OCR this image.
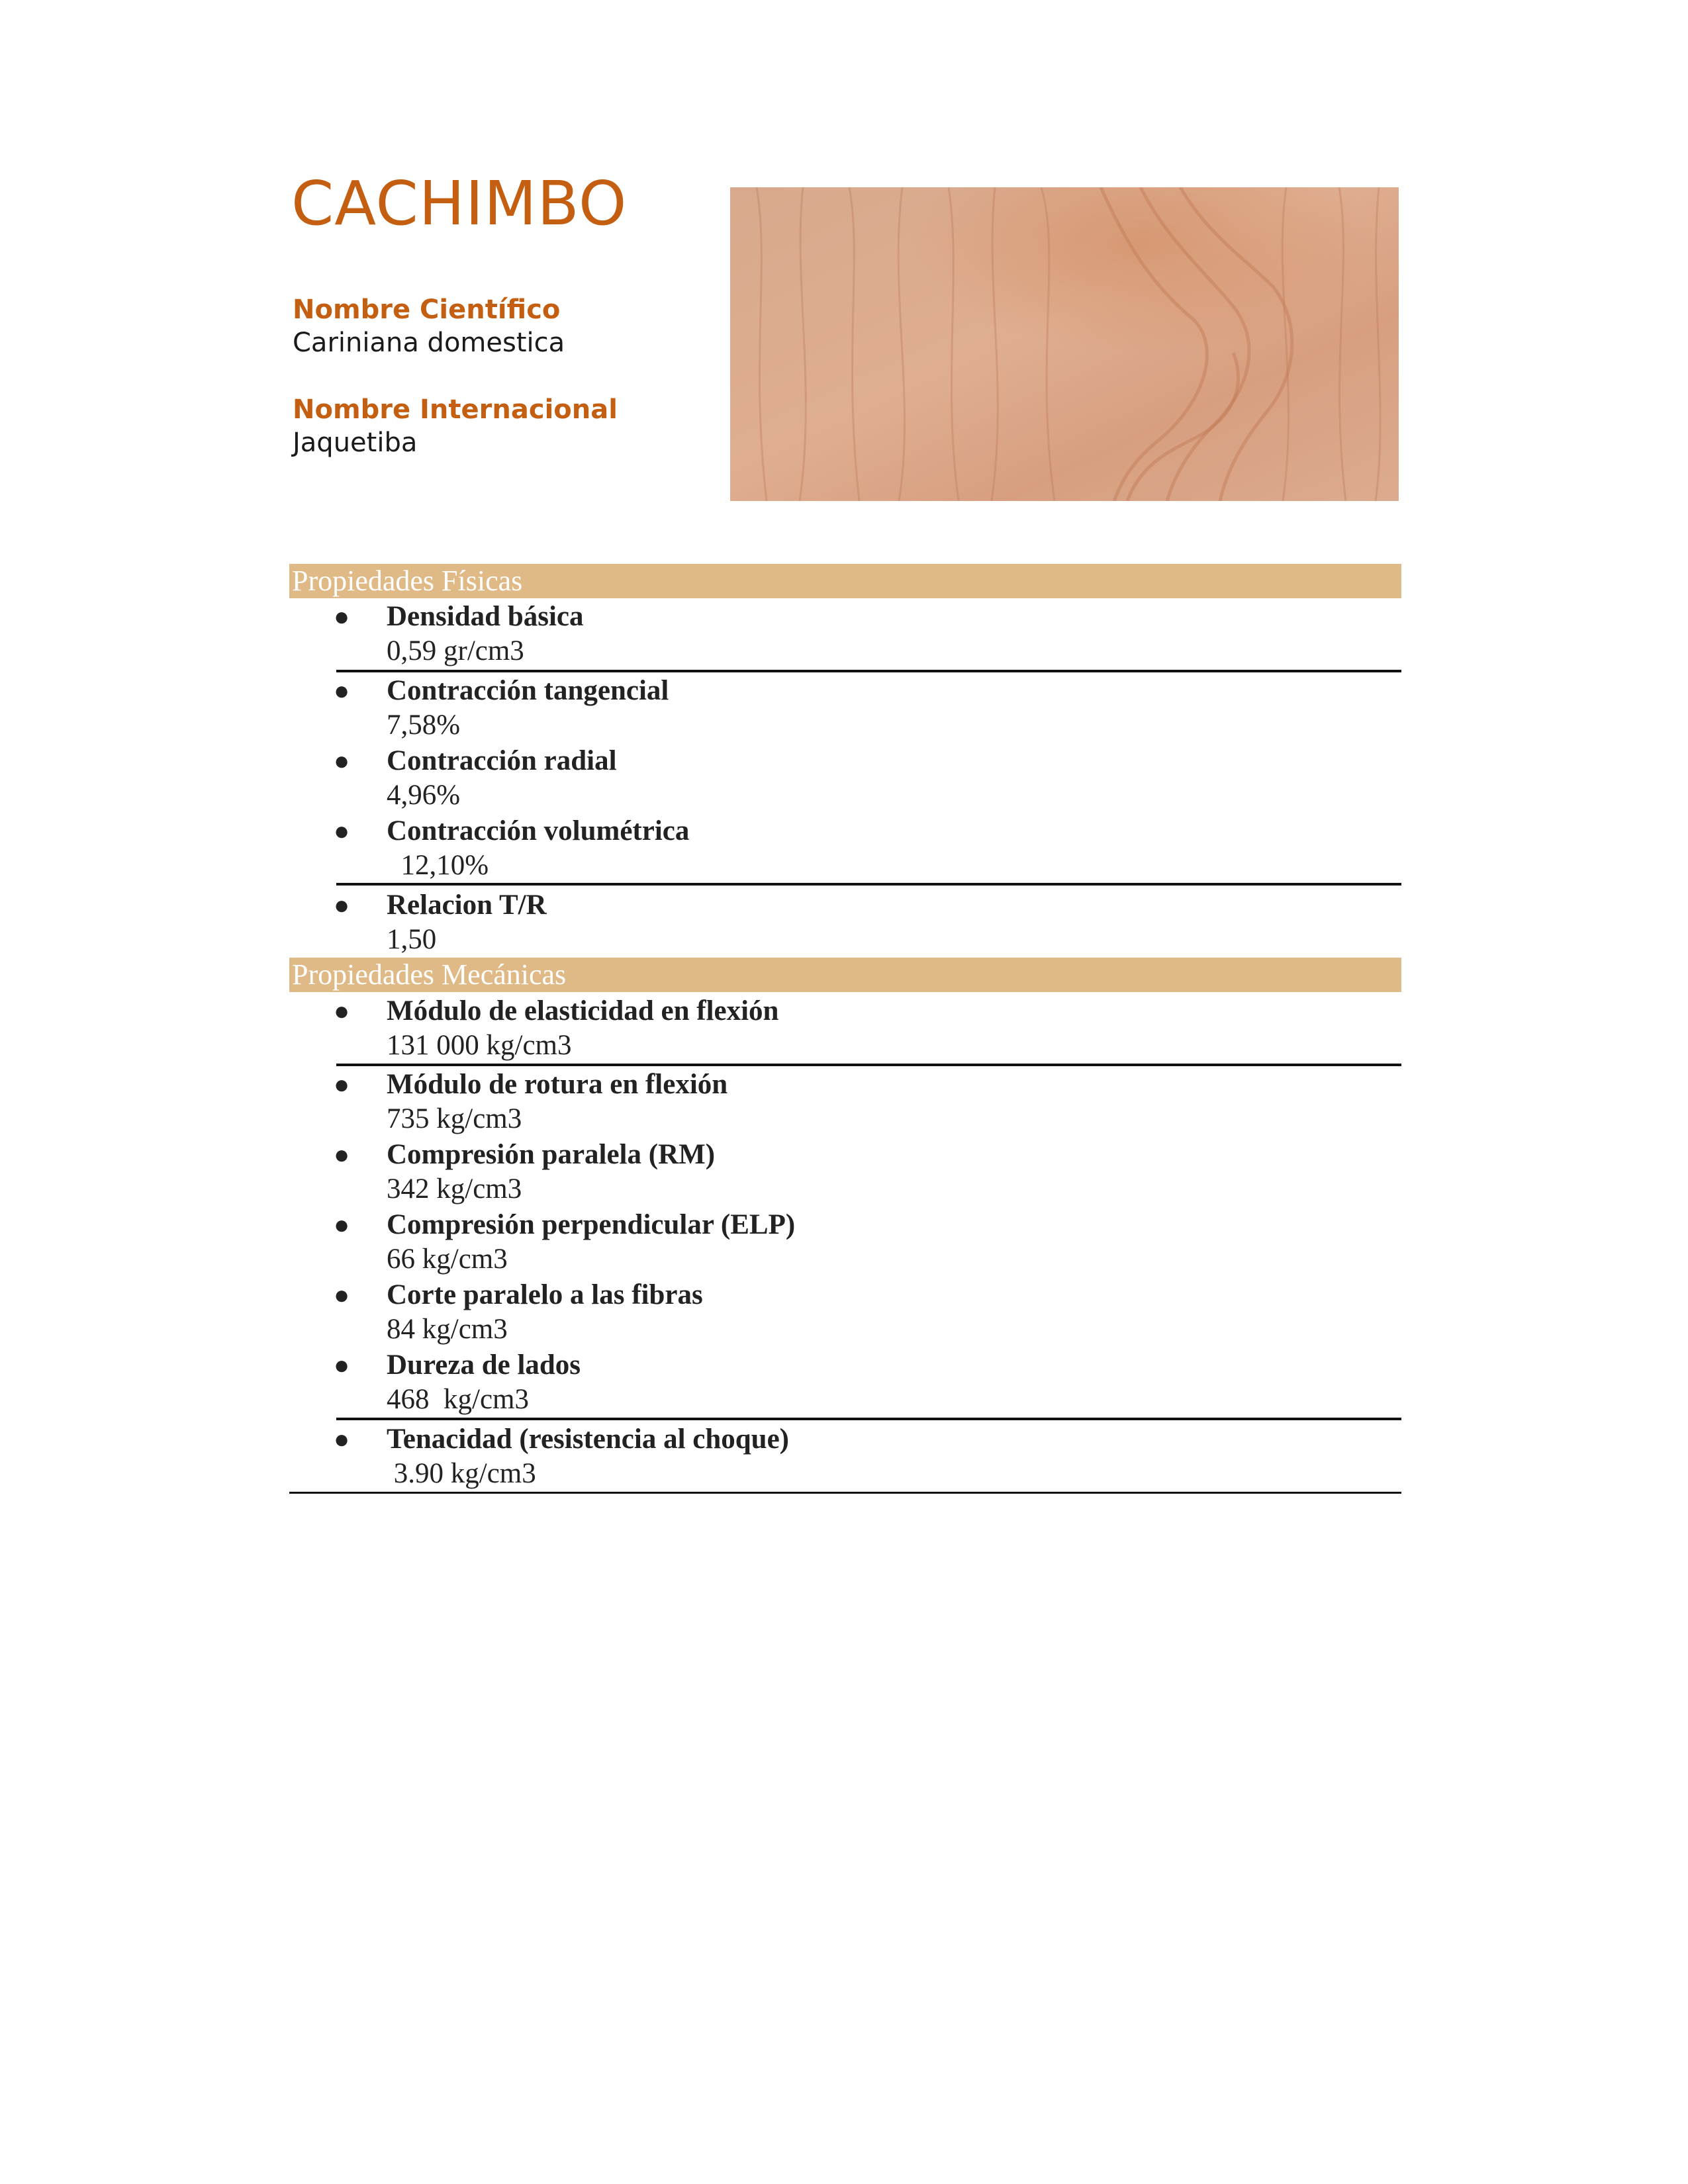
CACHIMBO
Nombre Científico
Cariniana domestica
Nombre Internacional
Jaquetiba
Propiedades Físicas
● Densidad básica
0,59 gr/cm3
● Contracción tangencial
7,58%
● Contracción radial
4,96%
● Contracción volumétrica
12,10%
● Relacion T/R
1,50
Propiedades Mecánicas
● Módulo de elasticidad en flexión
131 000 kg/cm3
● Módulo de rotura en flexión
735 kg/cm3
● Compresión paralela (RM)
342 kg/cm3
● Compresión perpendicular (ELP)
66 kg/cm3
● Corte paralelo a las fibras
84 kg/cm3
● Dureza de lados
468  kg/cm3
● Tenacidad (resistencia al choque)
3.90 kg/cm3
